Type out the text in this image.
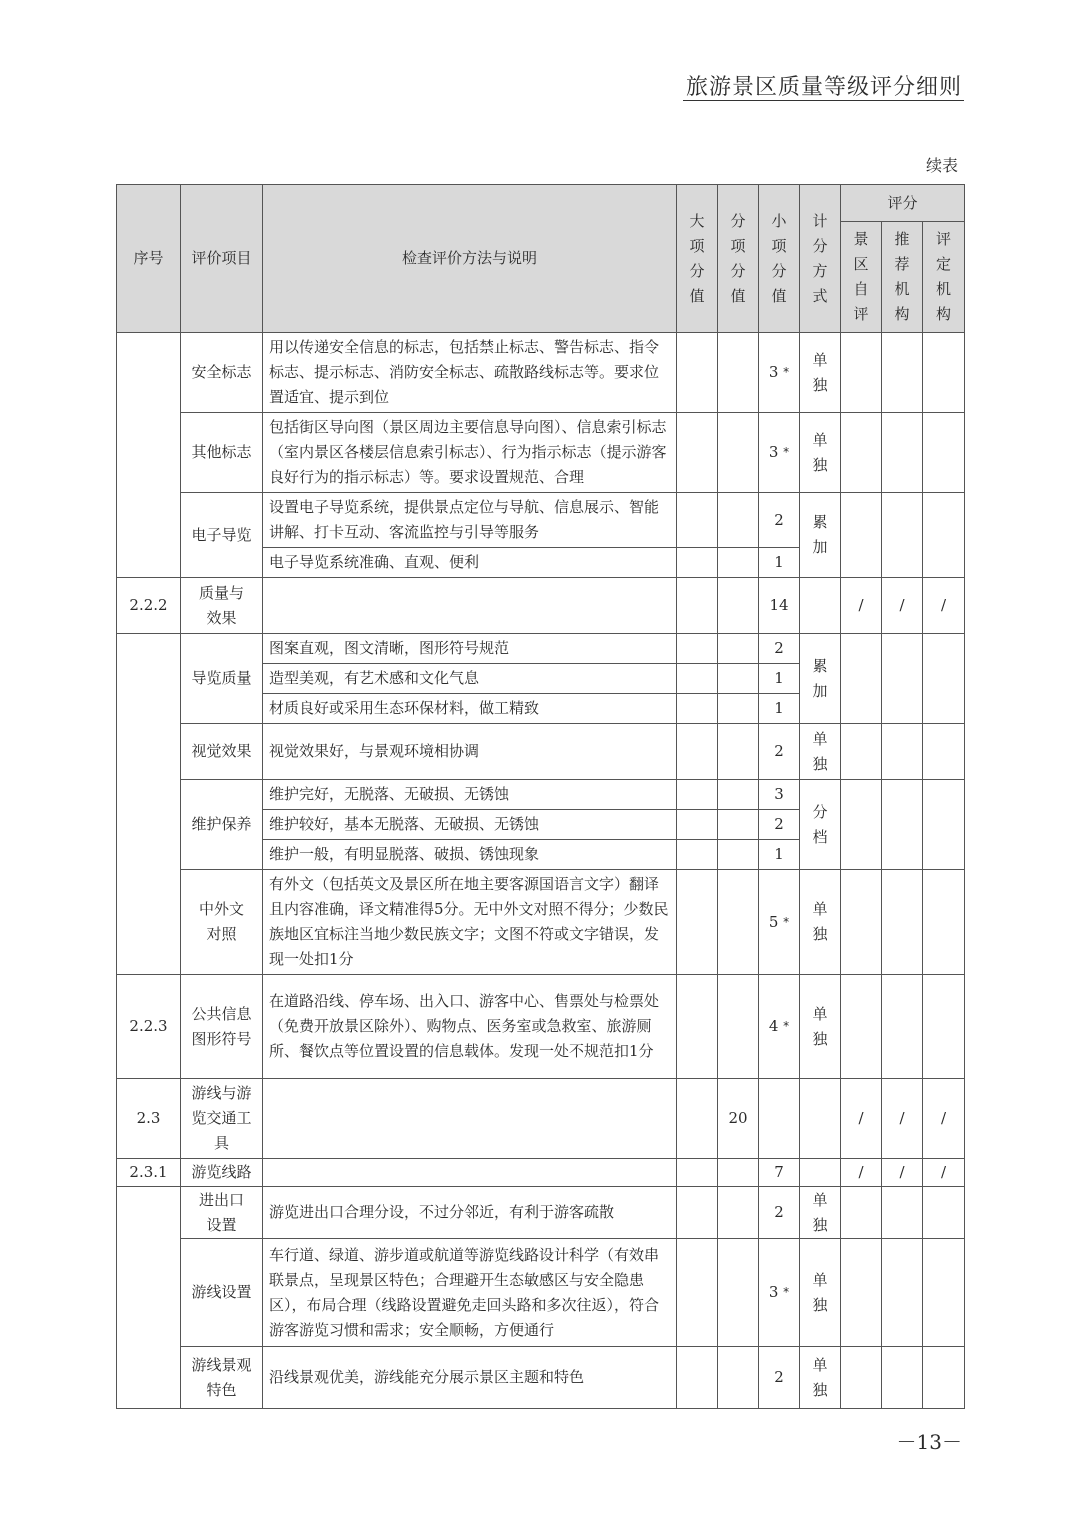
旅游景区质量等级评分细则
续表
序号	评价项目	检查评价方法与说明	大项分值	分项分值	小项分值	计分方式	评分		
							景区自评	推荐机构	评定机构
	安全标志	用以传递安全信息的标志，包括禁止标志、警告标志、指令标志、提示标志、消防安全标志、疏散路线标志等。要求位置适宜、提示到位			3 *	单独			
	其他标志	包括街区导向图（景区周边主要信息导向图）、信息索引标志（室内景区各楼层信息索引标志）、行为指示标志（提示游客良好行为的指示标志）等。要求设置规范、合理			3 *	单独			
	电子导览	设置电子导览系统，提供景点定位与导航、信息展示、智能讲解、打卡互动、客流监控与引导等服务			2	累加			
		电子导览系统准确、直观、便利			1				
2.2.2	质量与效果				14		/	/	/
	导览质量	图案直观，图文清晰，图形符号规范			2	累加			
		造型美观，有艺术感和文化气息			1				
		材质良好或采用生态环保材料，做工精致			1				
	视觉效果	视觉效果好，与景观环境相协调			2	单独			
	维护保养	维护完好，无脱落、无破损、无锈蚀			3	分档			
		维护较好，基本无脱落、无破损、无锈蚀			2				
		维护一般，有明显脱落、破损、锈蚀现象			1				
	中外文对照	有外文（包括英文及景区所在地主要客源国语言文字）翻译且内容准确，译文精准得5分。无中外文对照不得分；少数民族地区宜标注当地少数民族文字；文图不符或文字错误，发现一处扣1分			5 *	单独			
2.2.3	公共信息图形符号	在道路沿线、停车场、出入口、游客中心、售票处与检票处（免费开放景区除外）、购物点、医务室或急救室、旅游厕所、餐饮点等位置设置的信息载体。发现一处不规范扣1分			4 *	单独			
2.3	游线与游览交通工具			20			/	/	/
2.3.1	游览线路				7		/	/	/
	进出口设置	游览进出口合理分设，不过分邻近，有利于游客疏散			2	单独			
	游线设置	车行道、绿道、游步道或航道等游览线路设计科学（有效串联景点，呈现景区特色；合理避开生态敏感区与安全隐患区），布局合理（线路设置避免走回头路和多次往返），符合游客游览习惯和需求；安全顺畅，方便通行			3 *	单独			
	游线景观特色	沿线景观优美，游线能充分展示景区主题和特色			2	单独			
－13－
